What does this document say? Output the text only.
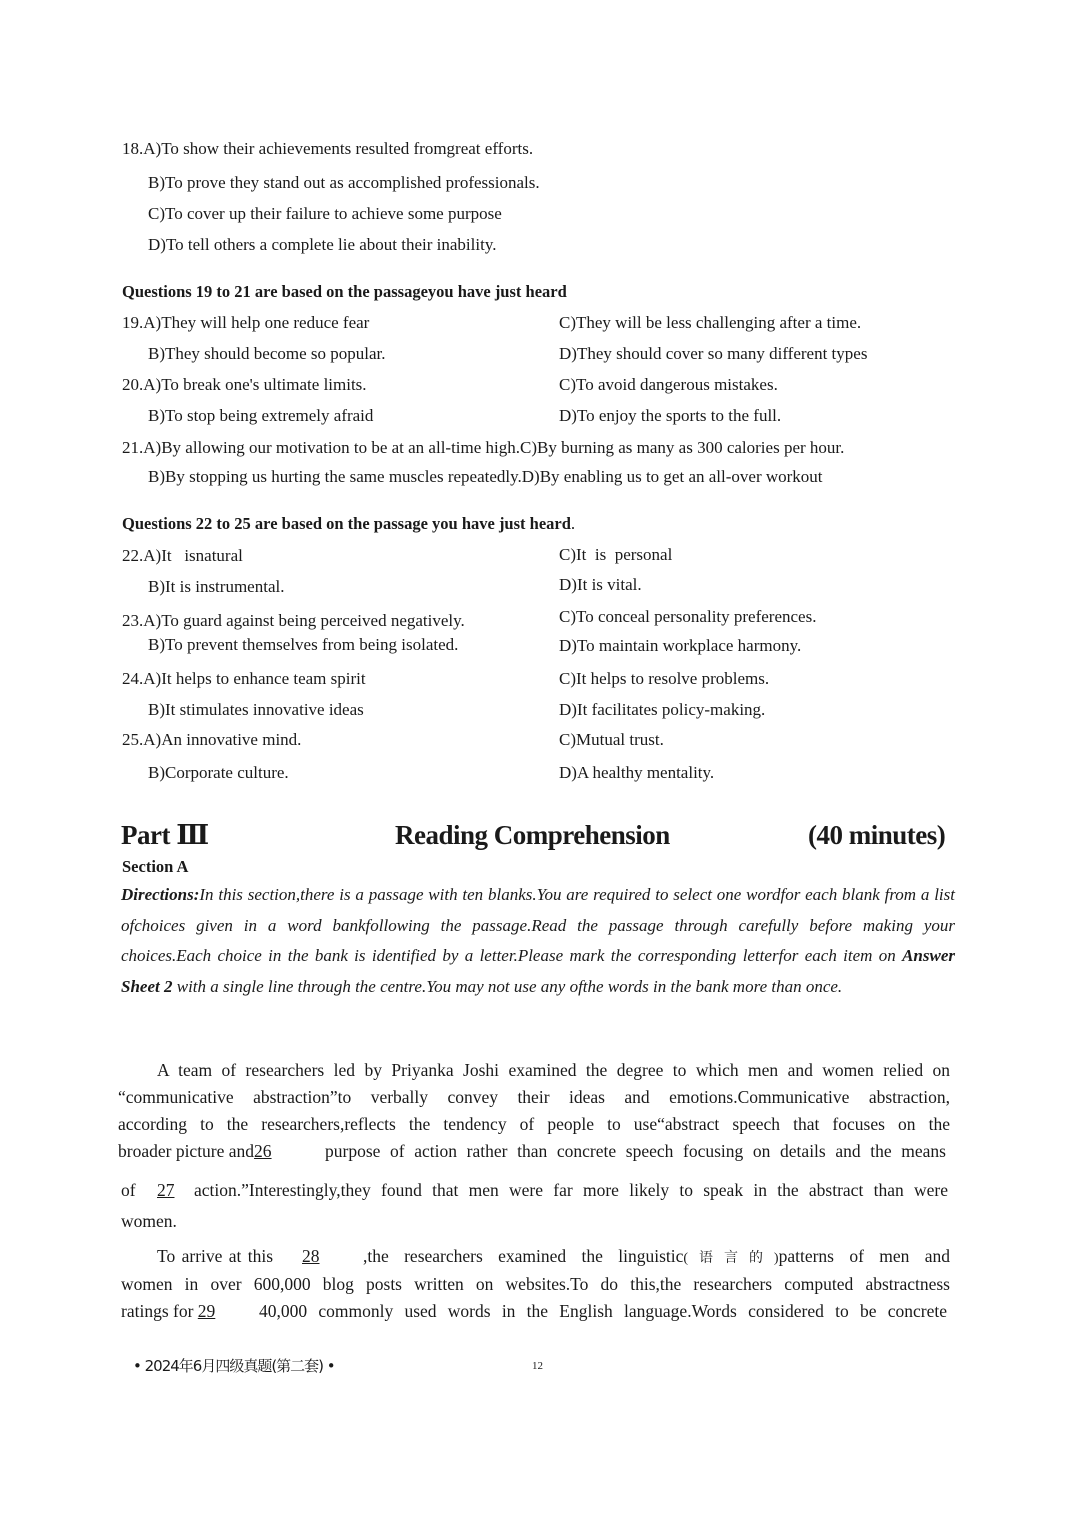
18.A)To show their achievements resulted fromgreat efforts.
B)To prove they stand out as accomplished professionals.
C)To cover up their failure to achieve some purpose
D)To tell others a complete lie about their inability.
Questions 19 to 21 are based on the passageyou have just heard
19.A)They will help one reduce fear	C)They will be less challenging after a time.
B)They should become so popular.	D)They should cover so many different types
20.A)To break one's ultimate limits.	C)To avoid dangerous mistakes.
B)To stop being extremely afraid	D)To enjoy the sports to the full.
21.A)By allowing our motivation to be at an all-time high.C)By burning as many as 300 calories per hour.
B)By stopping us hurting the same muscles repeatedly.D)By enabling us to get an all-over workout
Questions 22 to 25 are based on the passage you have just heard.
22.A)It   isnatural	C)It  is  personal
B)It is instrumental.	D)It is vital.
23.A)To guard against being perceived negatively.	C)To conceal personality preferences.
B)To prevent themselves from being isolated.	D)To maintain workplace harmony.
24.A)It helps to enhance team spirit	C)It helps to resolve problems.
B)It stimulates innovative ideas	D)It facilitates policy-making.
25.A)An innovative mind.	C)Mutual trust.
B)Corporate culture.	D)A healthy mentality.
Part Ⅲ	Reading Comprehension	(40 minutes)
Section A
Directions:In this section,there is a passage with ten blanks.You are required to select one wordfor each blank from a list ofchoices given in a word bankfollowing the passage.Read the passage through carefully before making your choices.Each choice in the bank is identified by a letter.Please mark the corresponding letterfor each item on Answer Sheet 2 with a single line through the centre.You may not use any ofthe words in the bank more than once.
A team of researchers led by Priyanka Joshi examined the degree to which men and women relied on
“communicative abstraction”to verbally convey their ideas and emotions.Communicative abstraction,
according to the researchers,reflects the tendency of people to use“abstract speech that focuses on the
broader picture and26	purpose of action rather than concrete speech focusing on details and the means
of 27 action.”Interestingly,they found that men were far more likely to speak in the abstract than were
women.
To arrive at this 28 ,the researchers examined the linguistic(语言的)patterns of men and
women in over 600,000 blog posts written on websites.To do this,the researchers computed abstractness
ratings for 29 40,000 commonly used words in the English language.Words considered to be concrete
• 2024年6月四级真题(第二套) •	12
